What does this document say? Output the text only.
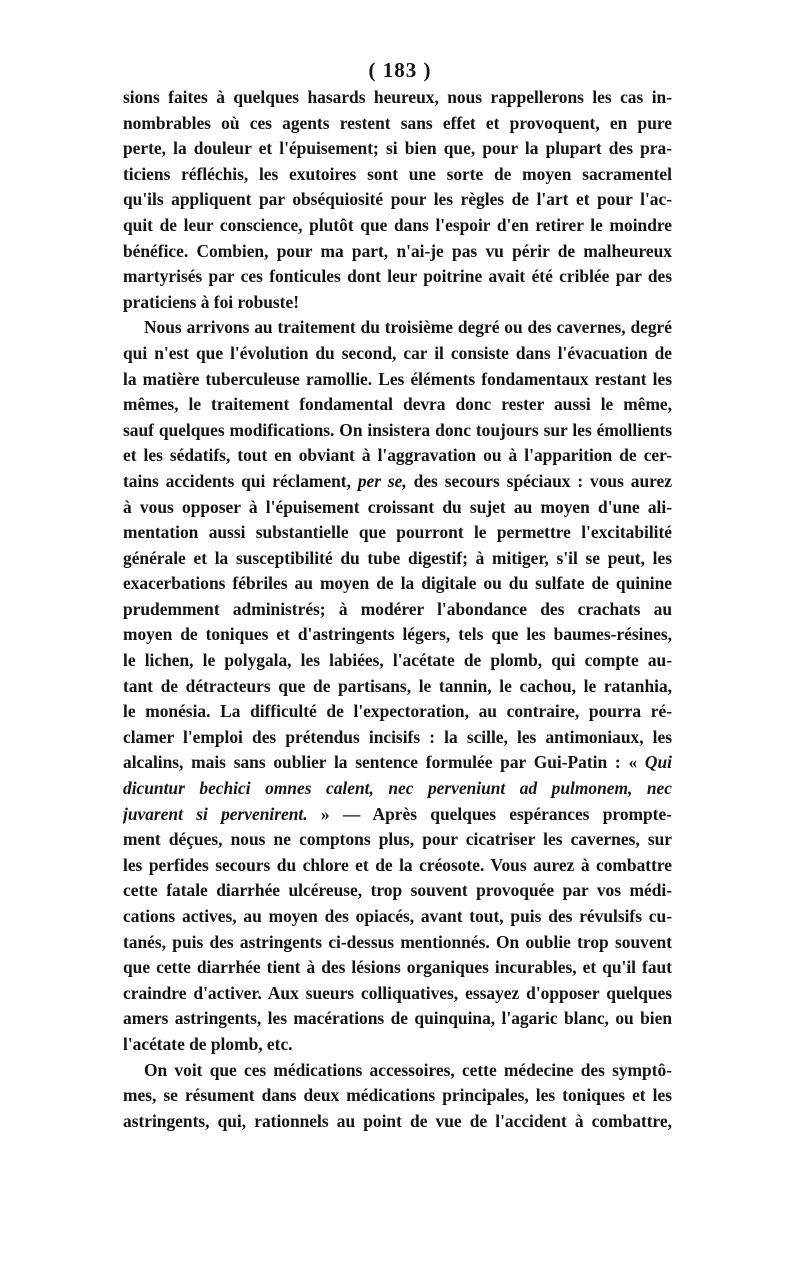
( 183 )
sions faites à quelques hasards heureux, nous rappellerons les cas in-
nombrables où ces agents restent sans effet et provoquent, en pure
perte, la douleur et l'épuisement; si bien que, pour la plupart des pra-
ticiens réfléchis, les exutoires sont une sorte de moyen sacramentel
qu'ils appliquent par obséquiosité pour les règles de l'art et pour l'ac-
quit de leur conscience, plutôt que dans l'espoir d'en retirer le moindre
bénéfice. Combien, pour ma part, n'ai-je pas vu périr de malheureux
martyrisés par ces fonticules dont leur poitrine avait été criblée par des
praticiens à foi robuste!
Nous arrivons au traitement du troisième degré ou des cavernes, degré
qui n'est que l'évolution du second, car il consiste dans l'évacuation de
la matière tuberculeuse ramollie. Les éléments fondamentaux restant les
mêmes, le traitement fondamental devra donc rester aussi le même,
sauf quelques modifications. On insistera donc toujours sur les émollients
et les sédatifs, tout en obviant à l'aggravation ou à l'apparition de cer-
tains accidents qui réclament, per se, des secours spéciaux : vous aurez
à vous opposer à l'épuisement croissant du sujet au moyen d'une ali-
mentation aussi substantielle que pourront le permettre l'excitabilité
générale et la susceptibilité du tube digestif; à mitiger, s'il se peut, les
exacerbations fébriles au moyen de la digitale ou du sulfate de quinine
prudemment administrés; à modérer l'abondance des crachats au
moyen de toniques et d'astringents légers, tels que les baumes-résines,
le lichen, le polygala, les labiées, l'acétate de plomb, qui compte au-
tant de détracteurs que de partisans, le tannin, le cachou, le ratanhia,
le monésia. La difficulté de l'expectoration, au contraire, pourra ré-
clamer l'emploi des prétendus incisifs : la scille, les antimoniaux, les
alcalins, mais sans oublier la sentence formulée par Gui-Patin : « Qui
dicuntur bechici omnes calent, nec perveniunt ad pulmonem, nec
juvarent si pervenirent. » — Après quelques espérances prompte-
ment déçues, nous ne comptons plus, pour cicatriser les cavernes, sur
les perfides secours du chlore et de la créosote. Vous aurez à combattre
cette fatale diarrhée ulcéreuse, trop souvent provoquée par vos médi-
cations actives, au moyen des opiacés, avant tout, puis des révulsifs cu-
tanés, puis des astringents ci-dessus mentionnés. On oublie trop souvent
que cette diarrhée tient à des lésions organiques incurables, et qu'il faut
craindre d'activer. Aux sueurs colliquatives, essayez d'opposer quelques
amers astringents, les macérations de quinquina, l'agaric blanc, ou bien
l'acétate de plomb, etc.
On voit que ces médications accessoires, cette médecine des symptô-
mes, se résument dans deux médications principales, les toniques et les
astringents, qui, rationnels au point de vue de l'accident à combattre,
